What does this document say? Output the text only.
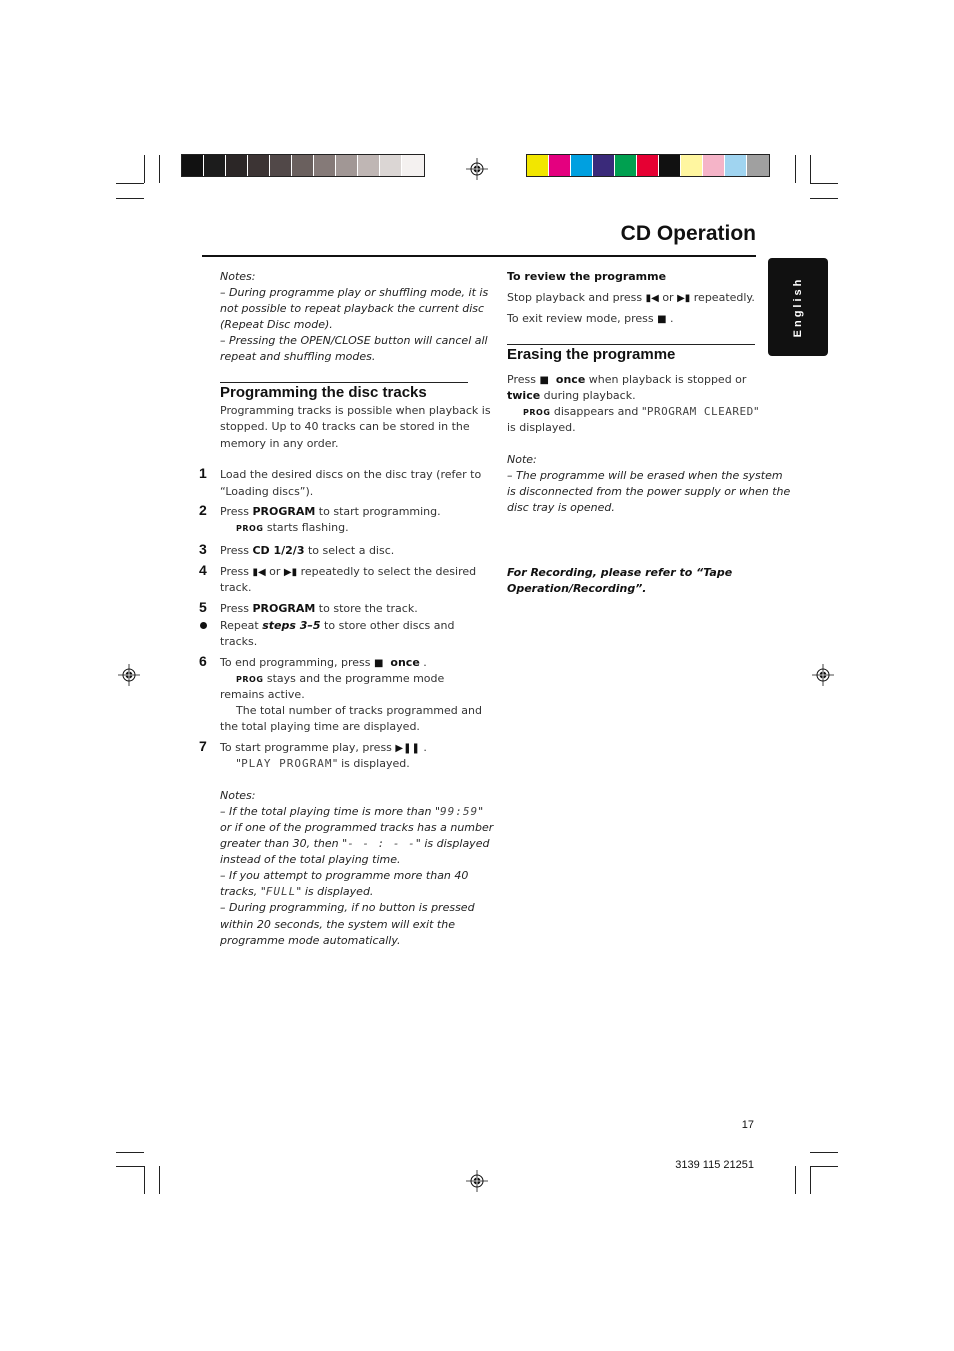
CD Operation
English
Notes:
– During programme play or shuffling mode, it is
not possible to repeat playback the current disc
(Repeat Disc mode).
– Pressing the OPEN/CLOSE button will cancel all
repeat and shuffling modes.
Programming the disc tracks
Programming tracks is possible when playback is
stopped. Up to 40 tracks can be stored in the
memory in any order.
1 Load the desired discs on the disc tray (refer to
“Loading discs”).
2 Press PROGRAM to start programming.
PROG starts flashing.
3 Press CD 1/2/3 to select a disc.
4 Press ▮◀ or ▶▮ repeatedly to select the desired
track.
5 Press PROGRAM to store the track.
Repeat steps 3–5 to store other discs and
tracks.
6 To end programming, press ■ once .
PROG stays and the programme mode
remains active.
The total number of tracks programmed and
the total playing time are displayed.
7 To start programme play, press ▶❚❚ .
"PLAY PROGRAM" is displayed.
Notes:
– If the total playing time is more than "99:59"
or if one of the programmed tracks has a number
greater than 30, then "- - : - -" is displayed
instead of the total playing time.
– If you attempt to programme more than 40
tracks, "FULL" is displayed.
– During programming, if no button is pressed
within 20 seconds, the system will exit the
programme mode automatically.
To review the programme
Stop playback and press ▮◀ or ▶▮ repeatedly.
To exit review mode, press ■ .
Erasing the programme
Press ■ once when playback is stopped or
twice during playback.
PROG disappears and "PROGRAM CLEARED"
is displayed.
Note:
– The programme will be erased when the system
is disconnected from the power supply or when the
disc tray is opened.
For Recording, please refer to “Tape
Operation/Recording”.
17
3139 115 21251
